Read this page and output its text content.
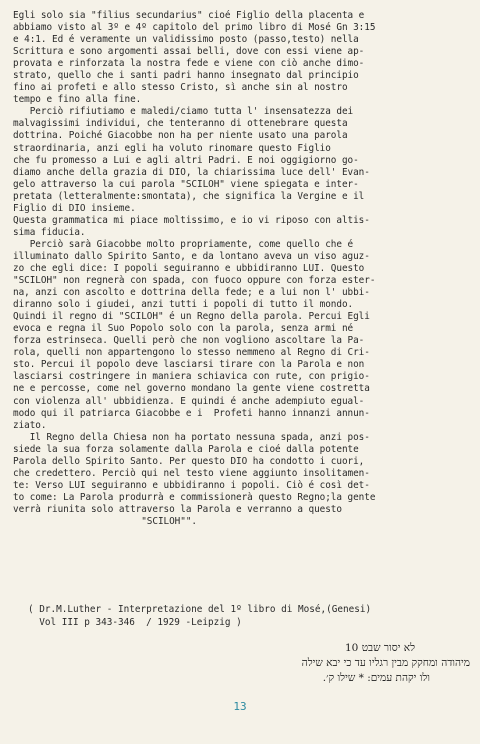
Egli solo sia "filius secundarius" cioé Figlio della placenta e
abbiamo visto al 3º e 4º capitolo del primo libro di Mosé Gn 3:15
e 4:1. Ed é veramente un validissimo posto (passo,testo) nella
Scrittura e sono argomenti assai belli, dove con essi viene ap-
provata e rinforzata la nostra fede e viene con ciò anche dimo-
strato, quello che i santi padri hanno insegnato dal principio
fino ai profeti e allo stesso Cristo, sì anche sin al nostro
tempo e fino alla fine.
Perciò rifiutiamo e maledi/ciamo tutta l' insensatezza dei
malvagissimi individui, che tenteranno di ottenebrare questa
dottrina. Poiché Giacobbe non ha per niente usato una parola
straordinaria, anzi egli ha voluto rinomare questo Figlio
che fu promesso a Lui e agli altri Padri. E noi oggigiorno go-
diamo anche della grazia di DIO, la chiarissima luce dell' Evan-
gelo attraverso la cui parola "SCILOH" viene spiegata e inter-
pretata (letteralmente:smontata), che significa la Vergine e il
Figlio di DIO insieme.
Questa grammatica mi piace moltissimo, e io vi riposo con altis-
sima fiducia.
Perciò sarà Giacobbe molto propriamente, come quello che é
illuminato dallo Spirito Santo, e da lontano aveva un viso aguz-
zo che egli dice: I popoli seguiranno e ubbidiranno LUI. Questo
"SCILOH" non regnerà con spada, con fuoco oppure con forza ester-
na, anzi con ascolto e dottrina della fede; e a lui non l' ubbi-
diranno solo i giudei, anzi tutti i popoli di tutto il mondo.
Quindi il regno di "SCILOH" é un Regno della parola. Percui Egli
evoca e regna il Suo Popolo solo con la parola, senza armi né
forza estrinseca. Quelli però che non vogliono ascoltare la Pa-
rola, quelli non appartengono lo stesso nemmeno al Regno di Cri-
sto. Percui il popolo deve lasciarsi tirare con la Parola e non
lasciarsi costringere in maniera schiavica con rute, con prigio-
ne e percosse, come nel governo mondano la gente viene costretta
con violenza all' ubbidienza. E quindi é anche adempiuto egual-
modo qui il patriarca Giacobbe e i  Profeti hanno innanzi annun-
ziato.
Il Regno della Chiesa non ha portato nessuna spada, anzi pos-
siede la sua forza solamente dalla Parola e cioé dalla potente
Parola dello Spirito Santo. Per questo DIO ha condotto i cuori,
che credettero. Perciò qui nel testo viene aggiunto insolitamen-
te: Verso LUI seguiranno e ubbidiranno i popoli. Ciò é così det-
to come: La Parola produrrà e commissionerà questo Regno;la gente
verrà riunita solo attraverso la Parola e verranno a questo
"SCILOH"".
( Dr.M.Luther - Interpretazione del 1º libro di Mosé,(Genesi)
Vol III p 343-346  / 1929 -Leipzig )
לא יסור שבט 10
מיהודה ומחקק מבין רגליו עד כי יבא שילה
ולו יקהת עמים: * שילו ק׳.
13
